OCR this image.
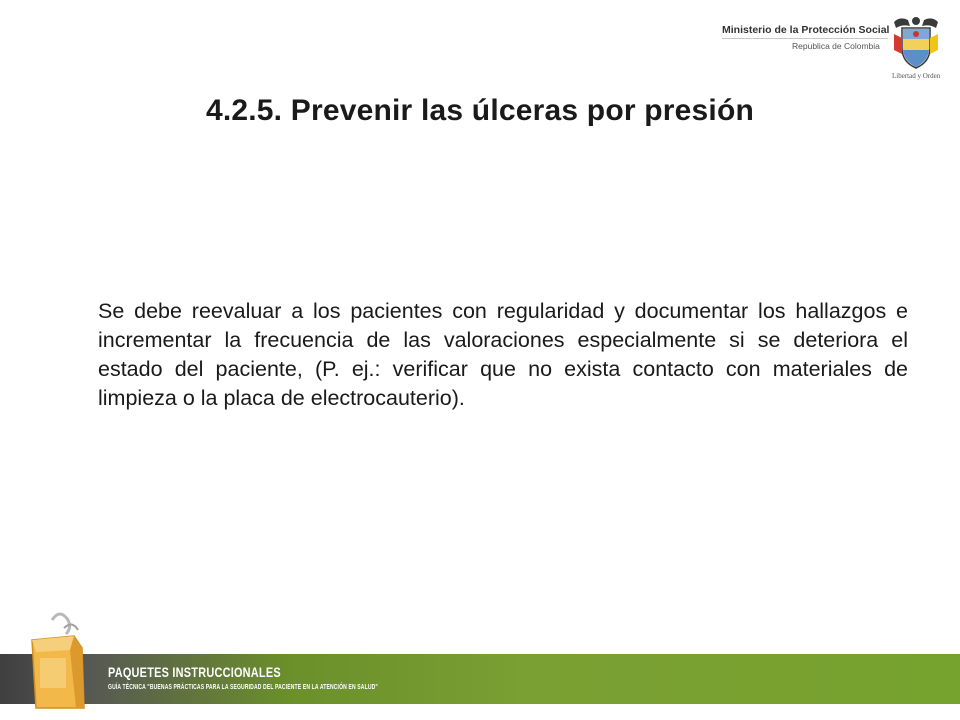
Ministerio de la Protección Social
Republica de Colombia
Libertad y Orden
4.2.5. Prevenir las úlceras por presión
Se debe reevaluar a los pacientes con regularidad y documentar los hallazgos e incrementar la frecuencia de las valoraciones especialmente si se deteriora el estado del paciente, (P. ej.: verificar que no exista contacto con materiales de limpieza o la placa de electrocauterio).
PAQUETES INSTRUCCIONALES
GUÍA TÉCNICA "BUENAS PRÁCTICAS PARA LA SEGURIDAD DEL PACIENTE EN LA ATENCIÓN EN SALUD"
